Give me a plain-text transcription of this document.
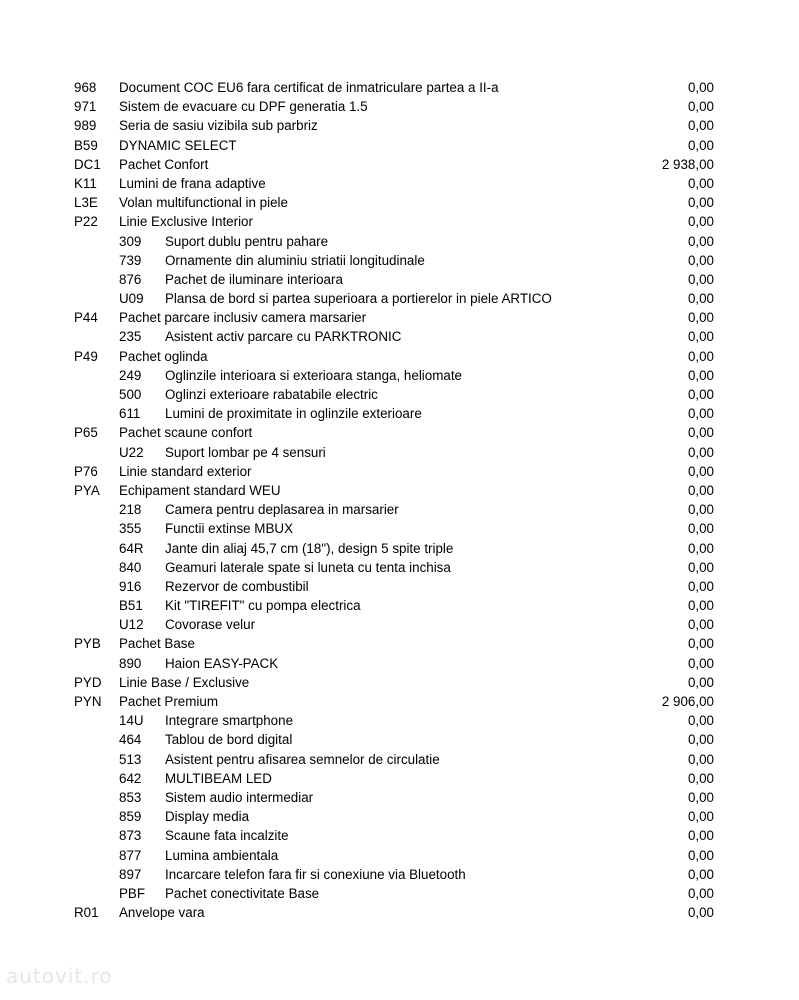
968 Document COC EU6 fara certificat de inmatriculare partea a II-a	0,00
971 Sistem de evacuare cu DPF generatia 1.5	0,00
989 Seria de sasiu vizibila sub parbriz	0,00
B59 DYNAMIC SELECT	0,00
DC1 Pachet Confort	2 938,00
K11 Lumini de frana adaptive	0,00
L3E Volan multifunctional in piele	0,00
P22 Linie Exclusive Interior	0,00
309 Suport dublu pentru pahare	0,00
739 Ornamente din aluminiu striatii longitudinale	0,00
876 Pachet de iluminare interioara	0,00
U09 Plansa de bord si partea superioara a portierelor in piele ARTICO	0,00
P44 Pachet parcare inclusiv camera marsarier	0,00
235 Asistent activ parcare cu PARKTRONIC	0,00
P49 Pachet oglinda	0,00
249 Oglinzile interioara si exterioara stanga, heliomate	0,00
500 Oglinzi exterioare rabatabile electric	0,00
611 Lumini de proximitate in oglinzile exterioare	0,00
P65 Pachet scaune confort	0,00
U22 Suport lombar pe 4 sensuri	0,00
P76 Linie standard exterior	0,00
PYA Echipament standard WEU	0,00
218 Camera pentru deplasarea in marsarier	0,00
355 Functii extinse MBUX	0,00
64R Jante din aliaj 45,7 cm (18"), design 5 spite triple	0,00
840 Geamuri laterale spate si luneta cu tenta inchisa	0,00
916 Rezervor de combustibil	0,00
B51 Kit "TIREFIT" cu pompa electrica	0,00
U12 Covorase velur	0,00
PYB Pachet Base	0,00
890 Haion EASY-PACK	0,00
PYD Linie Base / Exclusive	0,00
PYN Pachet Premium	2 906,00
14U Integrare smartphone	0,00
464 Tablou de bord digital	0,00
513 Asistent pentru afisarea semnelor de circulatie	0,00
642 MULTIBEAM LED	0,00
853 Sistem audio intermediar	0,00
859 Display media	0,00
873 Scaune fata incalzite	0,00
877 Lumina ambientala	0,00
897 Incarcare telefon fara fir si conexiune via Bluetooth	0,00
PBF Pachet conectivitate Base	0,00
R01 Anvelope vara	0,00
autovit.ro
